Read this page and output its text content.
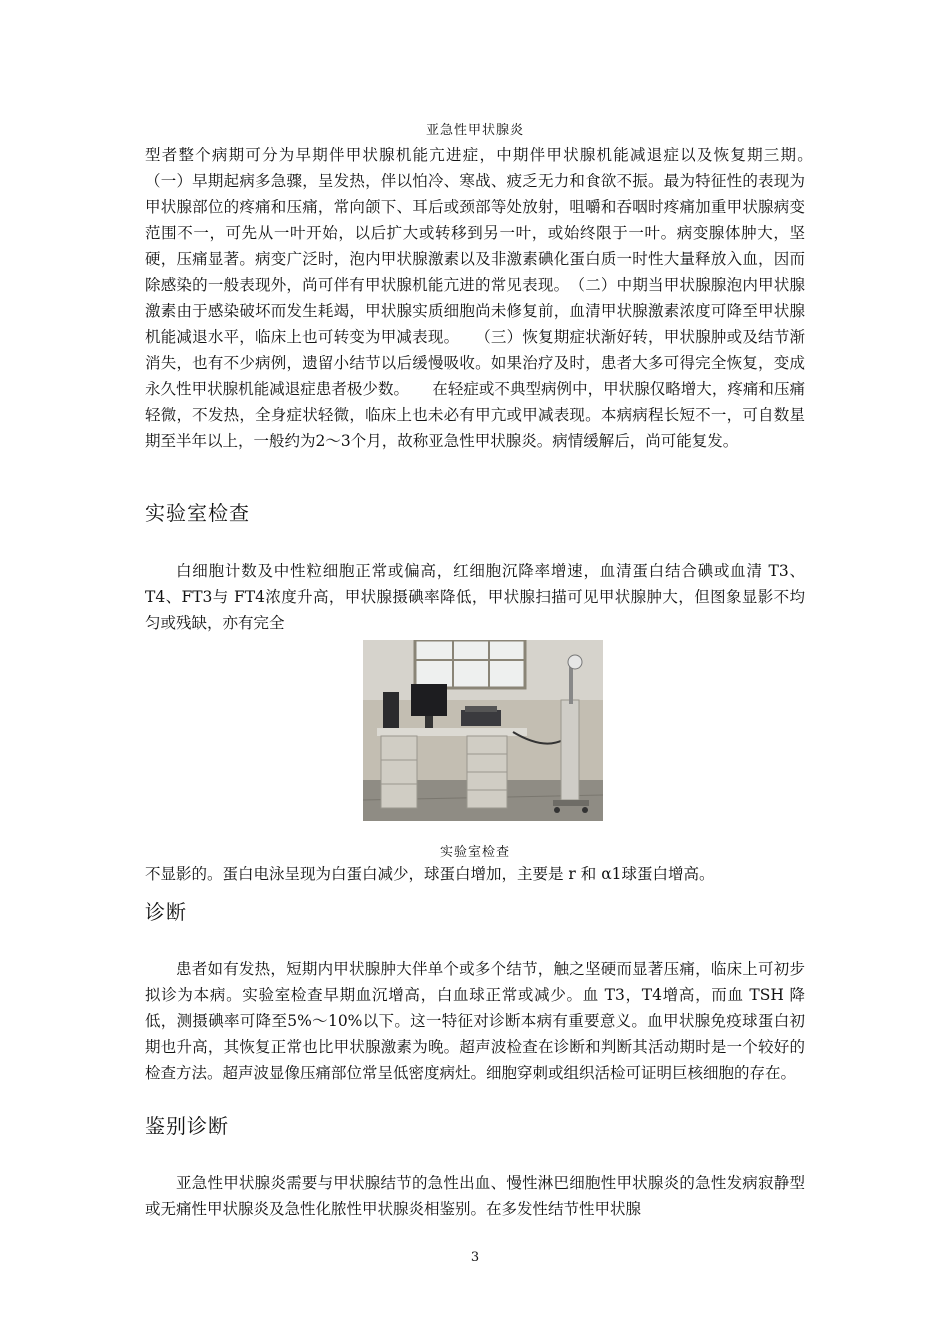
亚急性甲状腺炎

型者整个病期可分为早期伴甲状腺机能亢进症，中期伴甲状腺机能减退症以及恢复期三期。　　（一）早期起病多急骤，呈发热，伴以怕冷、寒战、疲乏无力和食欲不振。最为特征性的表现为甲状腺部位的疼痛和压痛，常向颌下、耳后或颈部等处放射，咀嚼和吞咽时疼痛加重甲状腺病变范围不一，可先从一叶开始，以后扩大或转移到另一叶，或始终限于一叶。病变腺体肿大，坚硬，压痛显著。病变广泛时，泡内甲状腺激素以及非激素碘化蛋白质一时性大量释放入血，因而除感染的一般表现外，尚可伴有甲状腺机能亢进的常见表现。　（二）中期当甲状腺腺泡内甲状腺激素由于感染破坏而发生耗竭，甲状腺实质细胞尚未修复前，血清甲状腺激素浓度可降至甲状腺机能减退水平，临床上也可转变为甲减表现。　　（三）恢复期症状渐好转，甲状腺肿或及结节渐消失，也有不少病例，遗留小结节以后缓慢吸收。如果治疗及时，患者大多可得完全恢复，变成永久性甲状腺机能减退症患者极少数。　　在轻症或不典型病例中，甲状腺仅略增大，疼痛和压痛轻微，不发热，全身症状轻微，临床上也未必有甲亢或甲减表现。本病病程长短不一，可自数星期至半年以上，一般约为2～3个月，故称亚急性甲状腺炎。病情缓解后，尚可能复发。

实验室检查

白细胞计数及中性粒细胞正常或偏高，红细胞沉降率增速，血清蛋白结合碘或血清 T3、T4、FT3与 FT4浓度升高，甲状腺摄碘率降低，甲状腺扫描可见甲状腺肿大，但图象显影不均匀或残缺，亦有完全

实验室检查

不显影的。蛋白电泳呈现为白蛋白减少，球蛋白增加，主要是 r 和 α1球蛋白增高。

诊断

患者如有发热，短期内甲状腺肿大伴单个或多个结节，触之坚硬而显著压痛，临床上可初步拟诊为本病。实验室检查早期血沉增高，白血球正常或减少。血 T3，T4增高，而血 TSH 降低，测摄碘率可降至5%～10%以下。这一特征对诊断本病有重要意义。血甲状腺免疫球蛋白初期也升高，其恢复正常也比甲状腺激素为晚。超声波检查在诊断和判断其活动期时是一个较好的检查方法。超声波显像压痛部位常呈低密度病灶。细胞穿刺或组织活检可证明巨核细胞的存在。

鉴别诊断

亚急性甲状腺炎需要与甲状腺结节的急性出血、慢性淋巴细胞性甲状腺炎的急性发病寂静型或无痛性甲状腺炎及急性化脓性甲状腺炎相鉴别。在多发性结节性甲状腺

3
